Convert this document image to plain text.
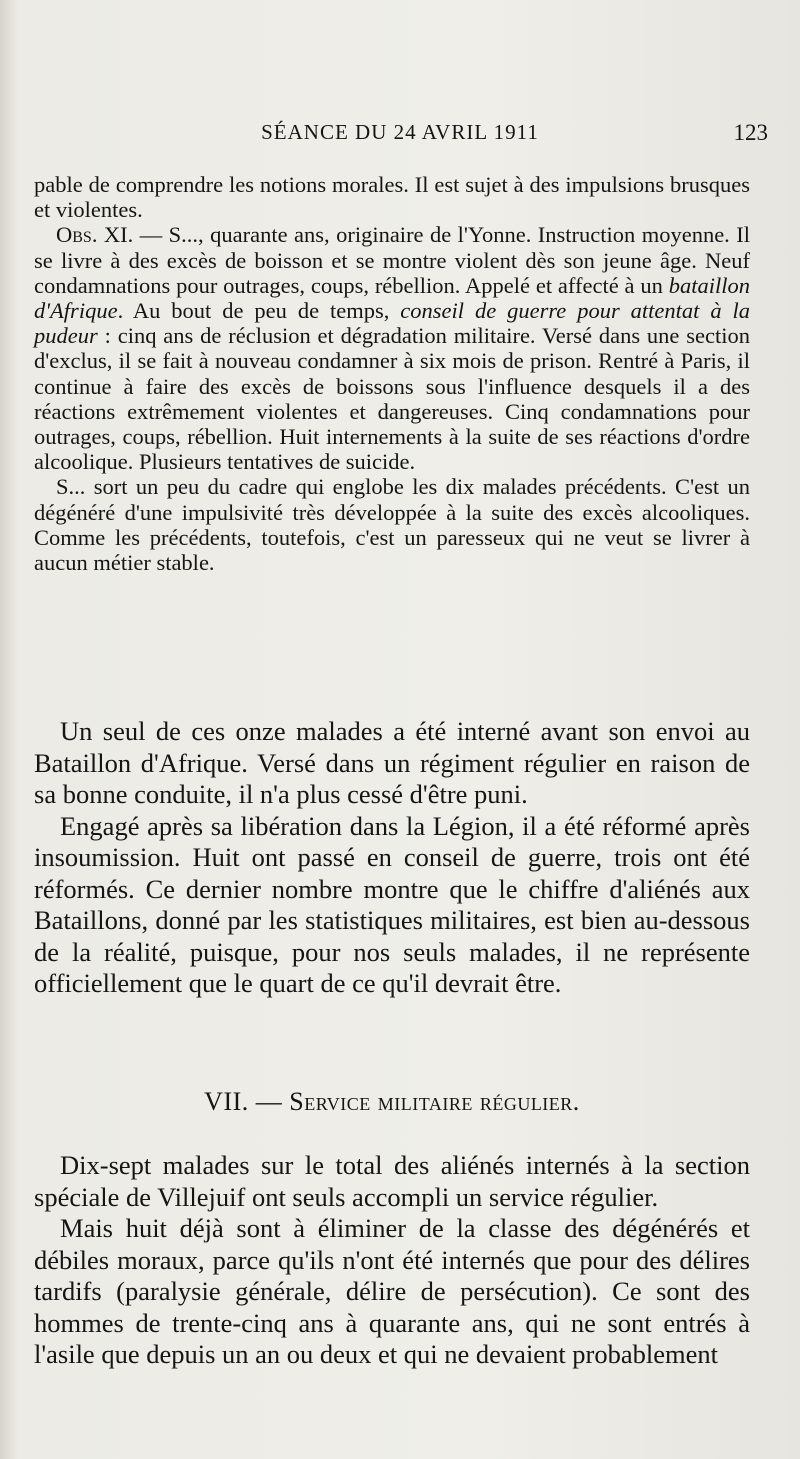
SÉANCE DU 24 AVRIL 1911	123

pable de comprendre les notions morales. Il est sujet à des impulsions brusques et violentes.

Obs. XI. — S..., quarante ans, originaire de l'Yonne. Instruction moyenne. Il se livre à des excès de boisson et se montre violent dès son jeune âge. Neuf condamnations pour outrages, coups, rébellion. Appelé et affecté à un bataillon d'Afrique. Au bout de peu de temps, conseil de guerre pour attentat à la pudeur : cinq ans de réclusion et dégradation militaire. Versé dans une section d'exclus, il se fait à nouveau condamner à six mois de prison. Rentré à Paris, il continue à faire des excès de boissons sous l'influence desquels il a des réactions extrêmement violentes et dangereuses. Cinq condamnations pour outrages, coups, rébellion. Huit internements à la suite de ses réactions d'ordre alcoolique. Plusieurs tentatives de suicide.

S... sort un peu du cadre qui englobe les dix malades précédents. C'est un dégénéré d'une impulsivité très développée à la suite des excès alcooliques. Comme les précédents, toutefois, c'est un paresseux qui ne veut se livrer à aucun métier stable.

Un seul de ces onze malades a été interné avant son envoi au Bataillon d'Afrique. Versé dans un régiment régulier en raison de sa bonne conduite, il n'a plus cessé d'être puni.

Engagé après sa libération dans la Légion, il a été réformé après insoumission. Huit ont passé en conseil de guerre, trois ont été réformés. Ce dernier nombre montre que le chiffre d'aliénés aux Bataillons, donné par les statistiques militaires, est bien au-dessous de la réalité, puisque, pour nos seuls malades, il ne représente officiellement que le quart de ce qu'il devrait être.

VII. — Service militaire régulier.

Dix-sept malades sur le total des aliénés internés à la section spéciale de Villejuif ont seuls accompli un service régulier.

Mais huit déjà sont à éliminer de la classe des dégénérés et débiles moraux, parce qu'ils n'ont été internés que pour des délires tardifs (paralysie générale, délire de persécution). Ce sont des hommes de trente-cinq ans à quarante ans, qui ne sont entrés à l'asile que depuis un an ou deux et qui ne devaient probablement
